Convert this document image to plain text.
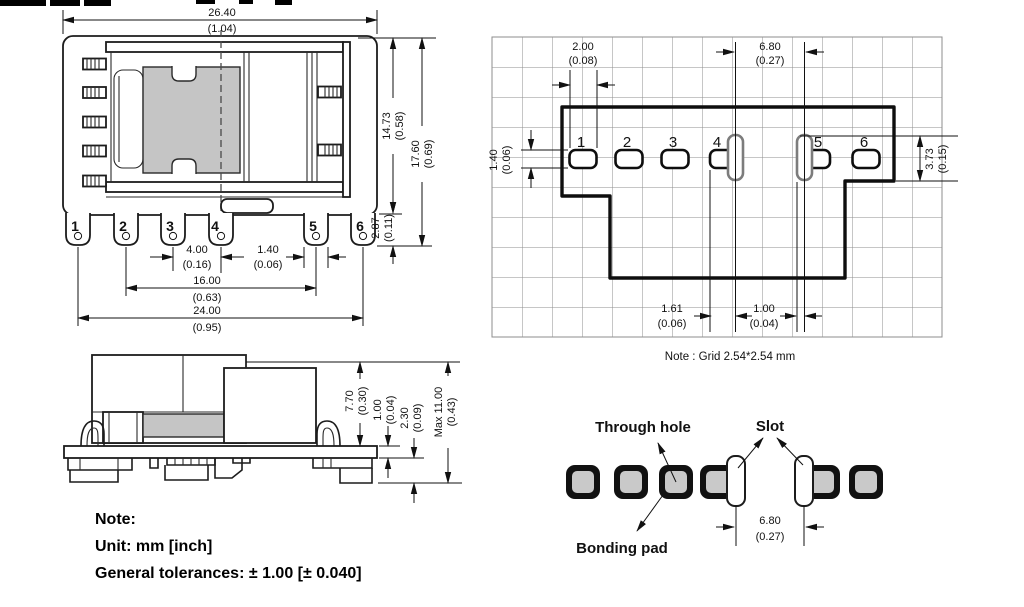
1	2	3	4	5	6
26.40
(1.04)
14.73 (0.58)
17.60 (0.69)
2.87 (0.11)
4.00
(0.16)
1.40
(0.06)
16.00
(0.63)
24.00
(0.95)
1	2	3 4	5	6
2.00
(0.08)
6.80
(0.27)
1.40 (0.06)	3.73 (0.15)
1.61
(0.06)
1.00
(0.04)
Note : Grid 2.54*2.54 mm
7.70 (0.30) 1.00 (0.04) 2.30 (0.09) Max 11.00 (0.43)
Note:
Unit: mm [inch]
General tolerances: ± 1.00 [± 0.040]
Through hole	Slot
Bonding pad
6.80
(0.27)
